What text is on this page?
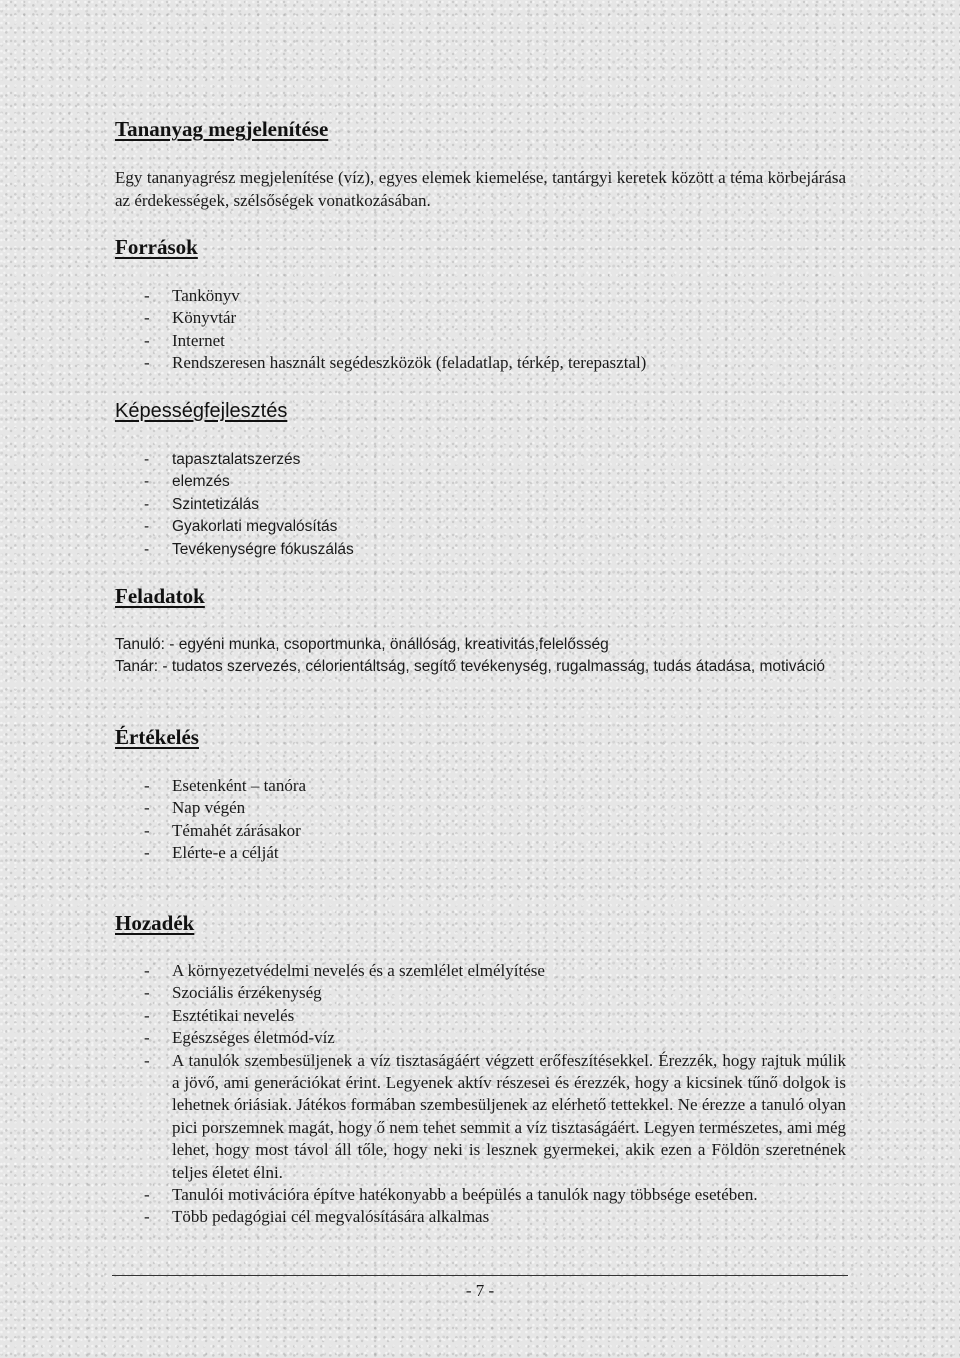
Tananyag megjelenítése

Egy tananyagrész megjelenítése (víz), egyes elemek kiemelése, tantárgyi keretek között a téma körbejárása az érdekességek, szélsőségek vonatkozásában.

Források
- Tankönyv
- Könyvtár
- Internet
- Rendszeresen használt segédeszközök (feladatlap, térkép, terepasztal)
Képességfejlesztés
- tapasztalatszerzés
- elemzés
- Szintetizálás
- Gyakorlati megvalósítás
- Tevékenységre fókuszálás
Feladatok

Tanuló: - egyéni munka, csoportmunka, önállóság, kreativitás,felelősség

Tanár: - tudatos szervezés, célorientáltság, segítő tevékenység, rugalmasság, tudás átadása, motiváció

Értékelés
- Esetenként – tanóra
- Nap végén
- Témahét zárásakor
- Elérte-e a célját
Hozadék
- A környezetvédelmi nevelés és a szemlélet elmélyítése
- Szociális érzékenység
- Esztétikai nevelés
- Egészséges életmód-víz
- A tanulók szembesüljenek a víz tisztaságáért végzett erőfeszítésekkel. Érezzék, hogy rajtuk múlik a jövő, ami generációkat érint. Legyenek aktív részesei és érezzék, hogy a kicsinek tűnő dolgok is lehetnek óriásiak. Játékos formában szembesüljenek az elérhető tettekkel. Ne érezze a tanuló olyan pici porszemnek magát, hogy ő nem tehet semmit a víz tisztaságáért. Legyen természetes, ami még lehet, hogy most távol áll tőle, hogy neki is lesznek gyermekei, akik ezen a Földön szeretnének teljes életet élni.
- Tanulói motivációra építve hatékonyabb a beépülés a tanulók nagy többsége esetében.
- Több pedagógiai cél megvalósítására alkalmas
- 7 -
